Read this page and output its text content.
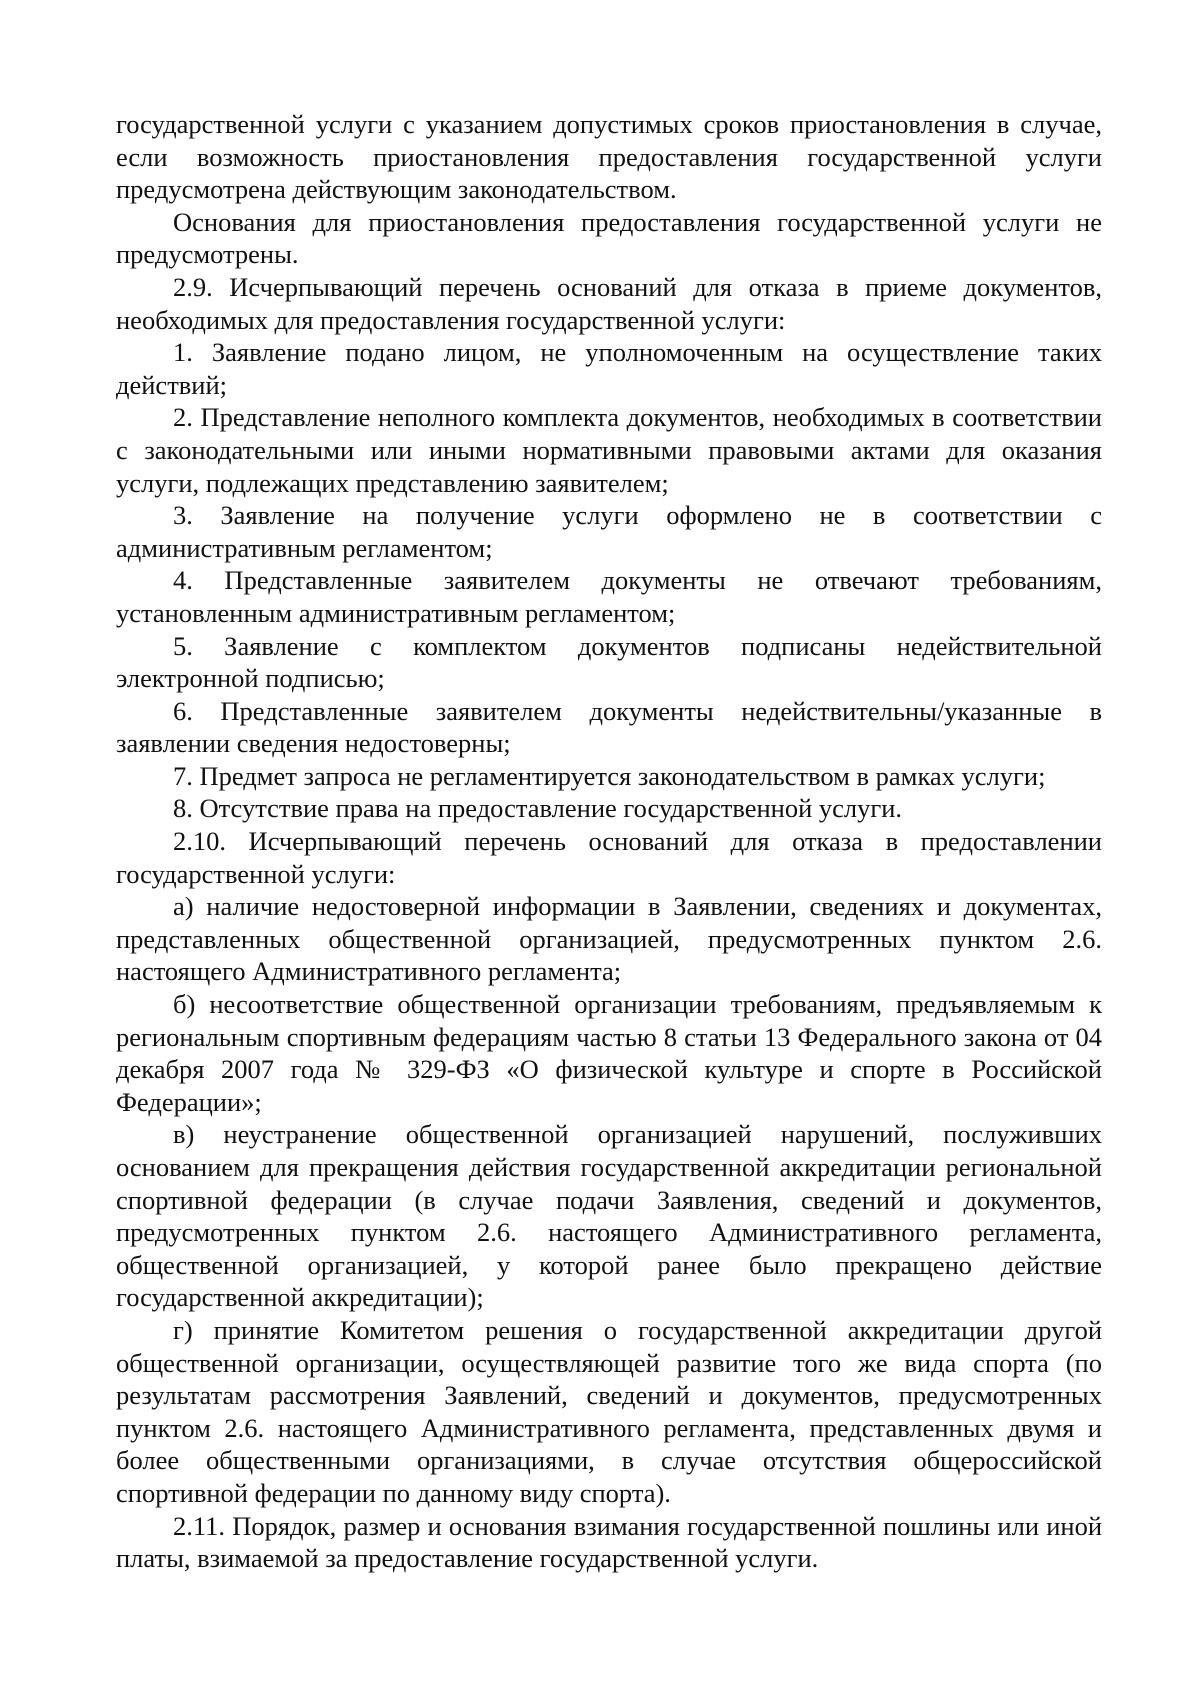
государственной услуги с указанием допустимых сроков приостановления в случае, если возможность приостановления предоставления государственной услуги предусмотрена действующим законодательством.

Основания для приостановления предоставления государственной услуги не предусмотрены.

2.9. Исчерпывающий перечень оснований для отказа в приеме документов, необходимых для предоставления государственной услуги:

1. Заявление подано лицом, не уполномоченным на осуществление таких действий;

2. Представление неполного комплекта документов, необходимых в соответствии с законодательными или иными нормативными правовыми актами для оказания услуги, подлежащих представлению заявителем;

3. Заявление на получение услуги оформлено не в соответствии с административным регламентом;

4. Представленные заявителем документы не отвечают требованиям, установленным административным регламентом;

5. Заявление с комплектом документов подписаны недействительной электронной подписью;

6. Представленные заявителем документы недействительны/указанные в заявлении сведения недостоверны;

7. Предмет запроса не регламентируется законодательством в рамках услуги;

8. Отсутствие права на предоставление государственной услуги.

2.10. Исчерпывающий перечень оснований для отказа в предоставлении государственной услуги:

а) наличие недостоверной информации в Заявлении, сведениях и документах, представленных общественной организацией, предусмотренных пунктом 2.6. настоящего Административного регламента;

б) несоответствие общественной организации требованиям, предъявляемым к региональным спортивным федерациям частью 8 статьи 13 Федерального закона от 04 декабря 2007 года № 329-ФЗ «О физической культуре и спорте в Российской Федерации»;

в) неустранение общественной организацией нарушений, послуживших основанием для прекращения действия государственной аккредитации региональной спортивной федерации (в случае подачи Заявления, сведений и документов, предусмотренных пунктом 2.6. настоящего Административного регламента, общественной организацией, у которой ранее было прекращено действие государственной аккредитации);

г) принятие Комитетом решения о государственной аккредитации другой общественной организации, осуществляющей развитие того же вида спорта (по результатам рассмотрения Заявлений, сведений и документов, предусмотренных пунктом 2.6. настоящего Административного регламента, представленных двумя и более общественными организациями, в случае отсутствия общероссийской спортивной федерации по данному виду спорта).

2.11. Порядок, размер и основания взимания государственной пошлины или иной платы, взимаемой за предоставление государственной услуги.
